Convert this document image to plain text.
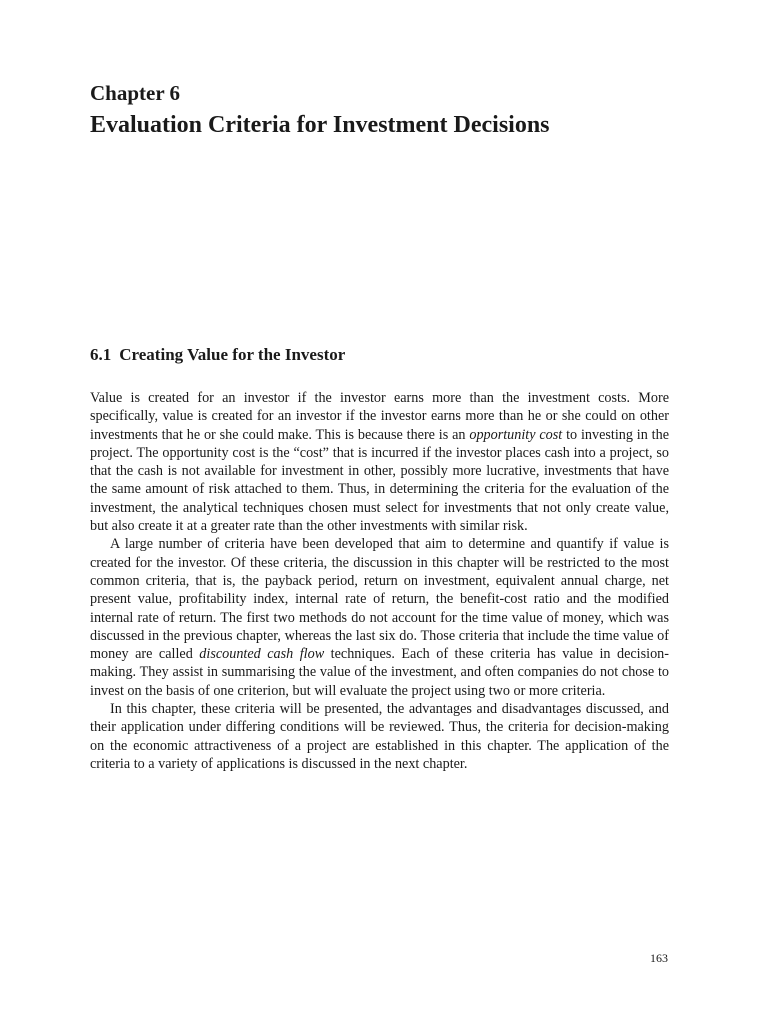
Chapter 6
Evaluation Criteria for Investment Decisions
6.1 Creating Value for the Investor

Value is created for an investor if the investor earns more than the investment costs. More specifically, value is created for an investor if the investor earns more than he or she could on other investments that he or she could make. This is because there is an opportunity cost to investing in the project. The opportunity cost is the “cost” that is incurred if the investor places cash into a project, so that the cash is not available for investment in other, possibly more lucrative, investments that have the same amount of risk attached to them. Thus, in determining the criteria for the evaluation of the investment, the analytical techniques chosen must select for investments that not only create value, but also create it at a greater rate than the other investments with similar risk.

A large number of criteria have been developed that aim to determine and quantify if value is created for the investor. Of these criteria, the discussion in this chapter will be restricted to the most common criteria, that is, the payback period, return on investment, equivalent annual charge, net present value, profitability index, internal rate of return, the benefit-cost ratio and the modified internal rate of return. The first two methods do not account for the time value of money, which was discussed in the previous chapter, whereas the last six do. Those criteria that include the time value of money are called discounted cash flow techniques. Each of these criteria has value in decision-making. They assist in summarising the value of the investment, and often companies do not chose to invest on the basis of one criterion, but will evaluate the project using two or more criteria.

In this chapter, these criteria will be presented, the advantages and disadvantages discussed, and their application under differing conditions will be reviewed. Thus, the criteria for decision-making on the economic attractiveness of a project are established in this chapter. The application of the criteria to a variety of applications is discussed in the next chapter.

163
